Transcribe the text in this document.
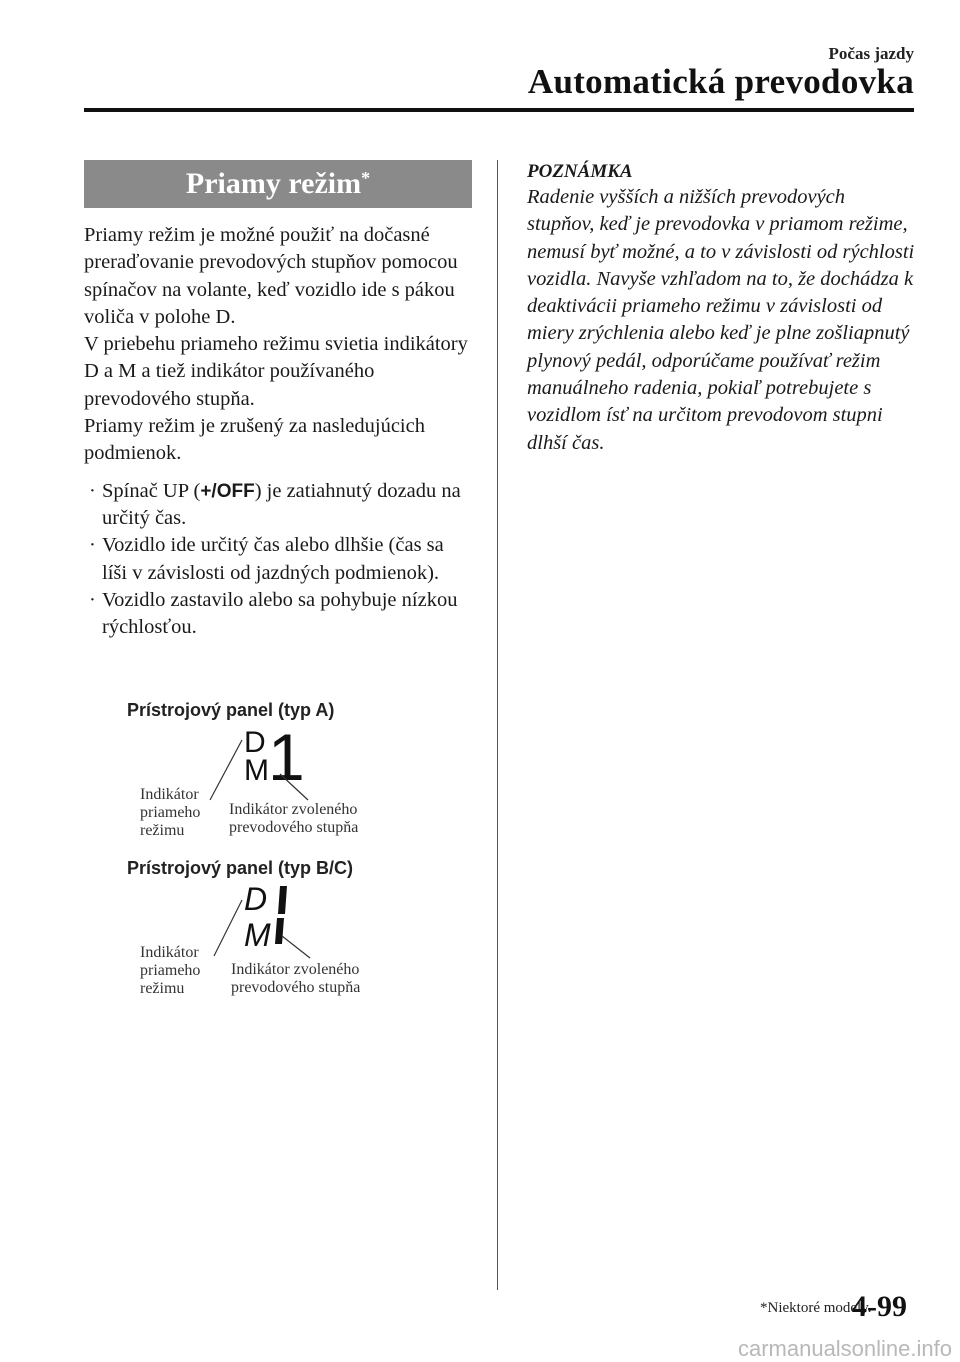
Počas jazdy
Automatická prevodovka
Priamy režim*

Priamy režim je možné použiť na dočasné preraďovanie prevodových stupňov pomocou spínačov na volante, keď vozidlo ide s pákou voliča v polohe D.

V priebehu priameho režimu svietia indikátory D a M a tiež indikátor používaného prevodového stupňa.

Priamy režim je zrušený za nasledujúcich podmienok.

· Spínač UP (+/OFF) je zatiahnutý dozadu na určitý čas.
· Vozidlo ide určitý čas alebo dlhšie (čas sa líši v závislosti od jazdných podmienok).
· Vozidlo zastavilo alebo sa pohybuje nízkou rýchlosťou.

POZNÁMKA

Radenie vyšších a nižších prevodových stupňov, keď je prevodovka v priamom režime, nemusí byť možné, a to v závislosti od rýchlosti vozidla. Navyše vzhľadom na to, že dochádza k deaktivácii priameho režimu v závislosti od miery zrýchlenia alebo keď je plne zošliapnutý plynový pedál, odporúčame používať režim manuálneho radenia, pokiaľ potrebujete s vozidlom ísť na určitom prevodovom stupni dlhší čas.

Prístrojový panel (typ A)
D
M 1
Indikátor
priameho
režimu
Indikátor zvoleného
prevodového stupňa
Prístrojový panel (typ B/C)
D
M
Indikátor
priameho
režimu
Indikátor zvoleného
prevodového stupňa
*Niektoré modely.
4-99
carmanualsonline.info
